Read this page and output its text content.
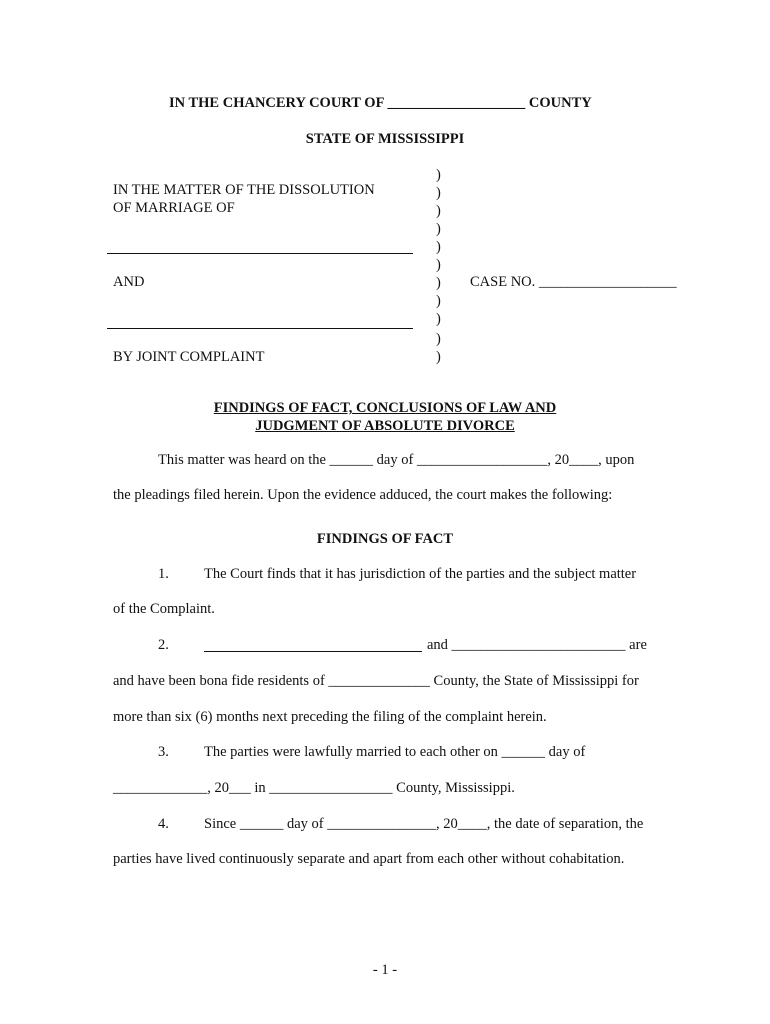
IN THE CHANCERY COURT OF ___________________ COUNTY
STATE OF MISSISSIPPI
IN THE MATTER OF THE DISSOLUTION
OF MARRIAGE OF
AND
BY JOINT COMPLAINT
)
)
)
)
)
)
)
)
)
)
)
CASE NO. ___________________
FINDINGS OF FACT, CONCLUSIONS OF LAW AND
JUDGMENT OF ABSOLUTE DIVORCE
This matter was heard on the ______ day of __________________, 20____, upon
the pleadings filed herein. Upon the evidence adduced, the court makes the following:
FINDINGS OF FACT
1. The Court finds that it has jurisdiction of the parties and the subject matter
of the Complaint.
2.	and ________________________ are
and have been bona fide residents of ______________ County, the State of Mississippi for
more than six (6) months next preceding the filing of the complaint herein.
3. The parties were lawfully married to each other on ______ day of
_____________, 20___ in _________________ County, Mississippi.
4. Since ______ day of _______________, 20____, the date of separation, the
parties have lived continuously separate and apart from each other without cohabitation.
- 1 -
